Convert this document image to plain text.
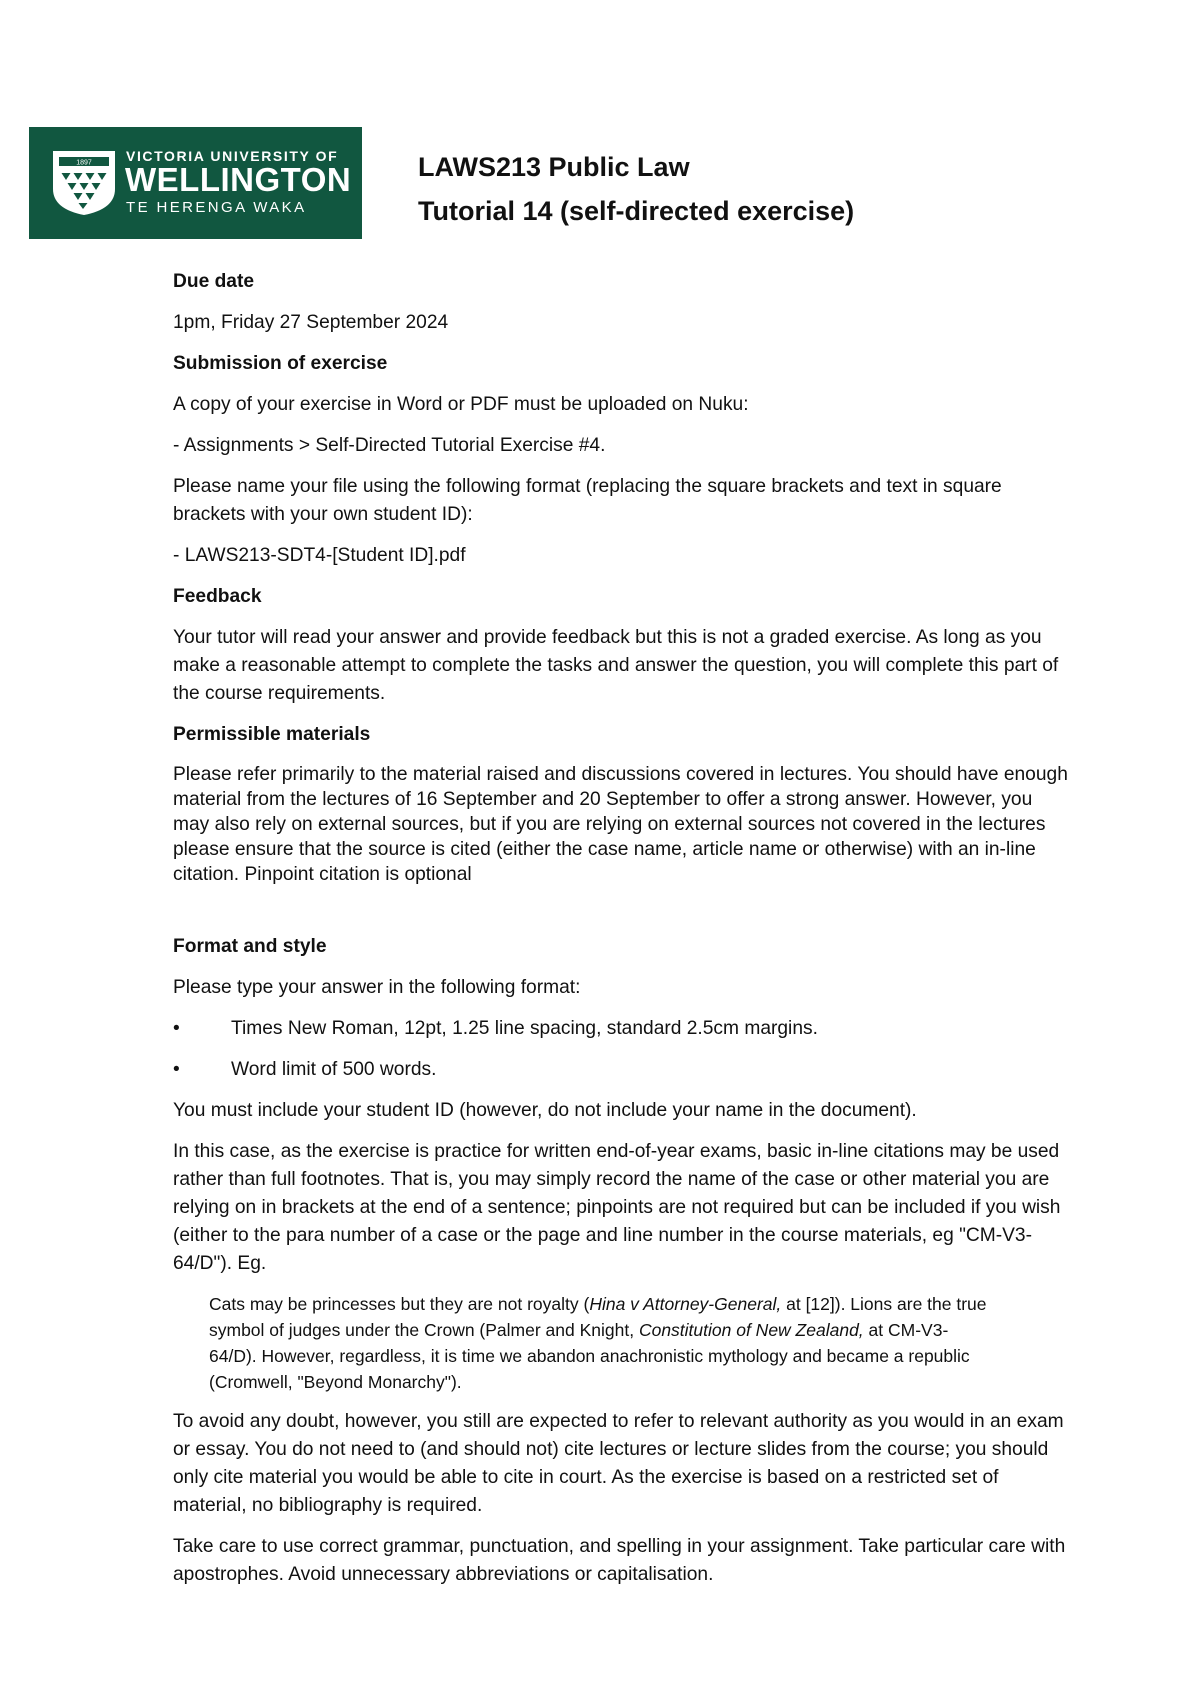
1897 VICTORIA UNIVERSITY OF
WELLINGTON
TE HERENGA WAKA
LAWS213 Public Law
Tutorial 14 (self-directed exercise)
Due date
1pm, Friday 27 September 2024
Submission of exercise
A copy of your exercise in Word or PDF must be uploaded on Nuku:
- Assignments > Self-Directed Tutorial Exercise #4.
Please name your file using the following format (replacing the square brackets and text in square brackets with your own student ID):
- LAWS213-SDT4-[Student ID].pdf
Feedback
Your tutor will read your answer and provide feedback but this is not a graded exercise. As long as you make a reasonable attempt to complete the tasks and answer the question, you will complete this part of the course requirements.
Permissible materials
Please refer primarily to the material raised and discussions covered in lectures. You should have enough material from the lectures of 16 September and 20 September to offer a strong answer. However, you may also rely on external sources, but if you are relying on external sources not covered in the lectures please ensure that the source is cited (either the case name, article name or otherwise) with an in-line citation. Pinpoint citation is optional
Format and style
Please type your answer in the following format:
•	Times New Roman, 12pt, 1.25 line spacing, standard 2.5cm margins.
•	Word limit of 500 words.
You must include your student ID (however, do not include your name in the document).
In this case, as the exercise is practice for written end-of-year exams, basic in-line citations may be used rather than full footnotes. That is, you may simply record the name of the case or other material you are relying on in brackets at the end of a sentence; pinpoints are not required but can be included if you wish (either to the para number of a case or the page and line number in the course materials, eg "CM-V3-64/D"). Eg.
Cats may be princesses but they are not royalty (Hina v Attorney-General, at [12]). Lions are the true symbol of judges under the Crown (Palmer and Knight, Constitution of New Zealand, at CM-V3-64/D). However, regardless, it is time we abandon anachronistic mythology and became a republic (Cromwell, "Beyond Monarchy").
To avoid any doubt, however, you still are expected to refer to relevant authority as you would in an exam or essay. You do not need to (and should not) cite lectures or lecture slides from the course; you should only cite material you would be able to cite in court. As the exercise is based on a restricted set of material, no bibliography is required.
Take care to use correct grammar, punctuation, and spelling in your assignment. Take particular care with apostrophes. Avoid unnecessary abbreviations or capitalisation.
